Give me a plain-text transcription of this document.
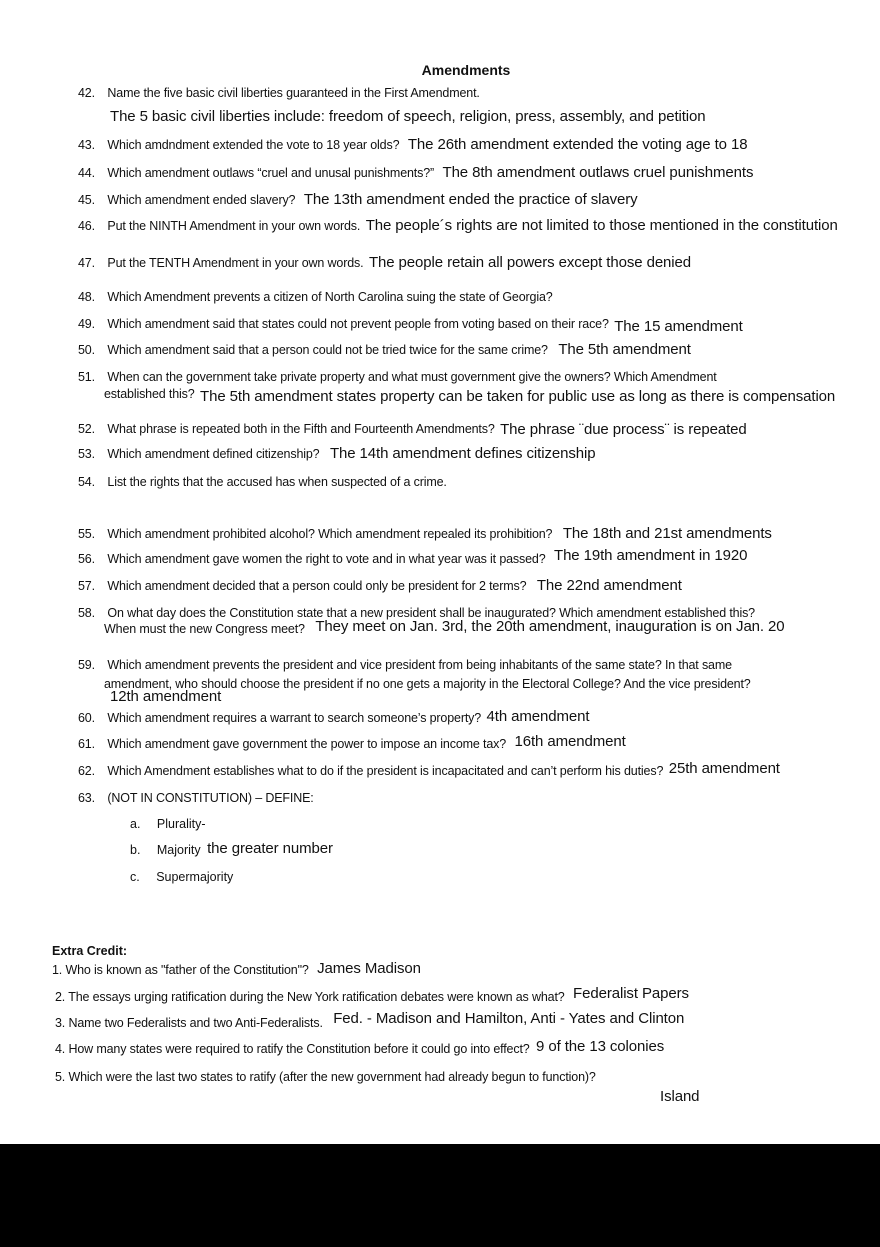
Amendments
42. Name the five basic civil liberties guaranteed in the First Amendment.
The 5 basic civil liberties include: freedom of speech, religion, press, assembly, and petition
43. Which amdndment extended the vote to 18 year olds? The 26th amendment extended the voting age to 18
44. Which amendment outlaws “cruel and unusal punishments?” The 8th amendment outlaws cruel punishments
45. Which amendment ended slavery? The 13th amendment ended the practice of slavery
46. Put the NINTH Amendment in your own words. The people´s rights are not limited to those mentioned in the constitution
47. Put the TENTH Amendment in your own words. The people retain all powers except those denied
48. Which Amendment prevents a citizen of North Carolina suing the state of Georgia?
49. Which amendment said that states could not prevent people from voting based on their race? The 15 amendment
50. Which amendment said that a person could not be tried twice for the same crime? The 5th amendment
51. When can the government take private property and what must government give the owners? Which Amendment
established this? The 5th amendment states property can be taken for public use as long as there is compensation
52. What phrase is repeated both in the Fifth and Fourteenth Amendments? The phrase ¨due process¨ is repeated
53. Which amendment defined citizenship? The 14th amendment defines citizenship
54. List the rights that the accused has when suspected of a crime.
55. Which amendment prohibited alcohol? Which amendment repealed its prohibition? The 18th and 21st amendments
56. Which amendment gave women the right to vote and in what year was it passed? The 19th amendment in 1920
57. Which amendment decided that a person could only be president for 2 terms? The 22nd amendment
58. On what day does the Constitution state that a new president shall be inaugurated? Which amendment established this?
When must the new Congress meet? They meet on Jan. 3rd, the 20th amendment, inauguration is on Jan. 20
59. Which amendment prevents the president and vice president from being inhabitants of the same state? In that same
amendment, who should choose the president if no one gets a majority in the Electoral College? And the vice president?
12th amendment
60. Which amendment requires a warrant to search someone’s property? 4th amendment
61. Which amendment gave government the power to impose an income tax? 16th amendment
62. Which Amendment establishes what to do if the president is incapacitated and can’t perform his duties? 25th amendment
63. (NOT IN CONSTITUTION) – DEFINE:
a. Plurality-
b. Majority the greater number
c. Supermajority
Extra Credit:
1. Who is known as "father of the Constitution"? James Madison
2. The essays urging ratification during the New York ratification debates were known as what? Federalist Papers
3. Name two Federalists and two Anti-Federalists. Fed. - Madison and Hamilton, Anti - Yates and Clinton
4. How many states were required to ratify the Constitution before it could go into effect? 9 of the 13 colonies
5. Which were the last two states to ratify (after the new government had already begun to function)?
Island
